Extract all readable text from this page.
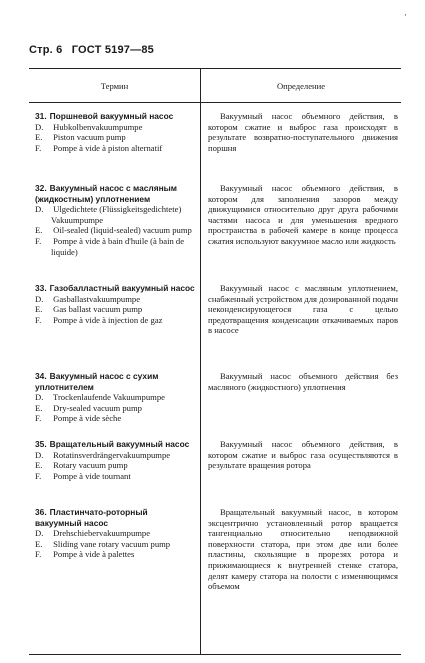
Стр. 6 ГОСТ 5197—85
·
Термин	Определение
31. Поршневой вакуумный насос
D. Hubkolbenvakuumpumpe
E. Piston vacuum pump
F. Pompe à vide à piston alternatif
Вакуумный насос объемного действия, в котором сжатие и выброс газа происходят в результате возвратно-поступательного движения поршня
32. Вакуумный насос с масляным (жидкостным) уплотнением
D. Ulgedichtete (Flüssigkeitsgedichtete) Vakuumpumpe
E. Oil-sealed (liquid-sealed) vacuum pump
F. Pompe à vide à bain d'huile (à bain de liquide)
Вакуумный насос объемного действия, в котором для заполнения зазоров между движущимися относительно друг друга рабочими частями насоса и для уменьшения вредного пространства в рабочей камере в конце процесса сжатия используют вакуумное масло или жидкость
33. Газобалластный вакуумный насос
D. Gasballastvakuumpumpe
E. Gas ballast vacuum pump
F. Pompe à vide à injection de gaz
Вакуумный насос с масляным уплотнением, снабженный устройством для дозированной подачи неконденсирующегося газа с целью предотвращения конденсации откачиваемых паров в насосе
34. Вакуумный насос с сухим уплотнителем
D. Trockenlaufende Vakuumpumpe
E. Dry-sealed vacuum pump
F. Pompe à vide sèche
Вакуумный насос объемного действия без масляного (жидкостного) уплотнения
35. Вращательный вакуумный насос
D. Rotatinsverdrängervakuumpumpe
E. Rotary vacuum pump
F. Pompe à vide tournant
Вакуумный насос объемного действия, в котором сжатие и выброс газа осуществляются в результате вращения ротора
36. Пластинчато-роторный вакуумный насос
D. Drehschiebervakuumpumpe
E. Sliding vane rotary vacuum pump
F. Pompe à vide à palettes
Вращательный вакуумный насос, в котором эксцентрично установленный ротор вращается тангенциально относительно неподвижной поверхности статора, при этом две или более пластины, скользящие в прорезях ротора и прижимающиеся к внутренней стенке статора, делят камеру статора на полости с изменяющимся объемом
